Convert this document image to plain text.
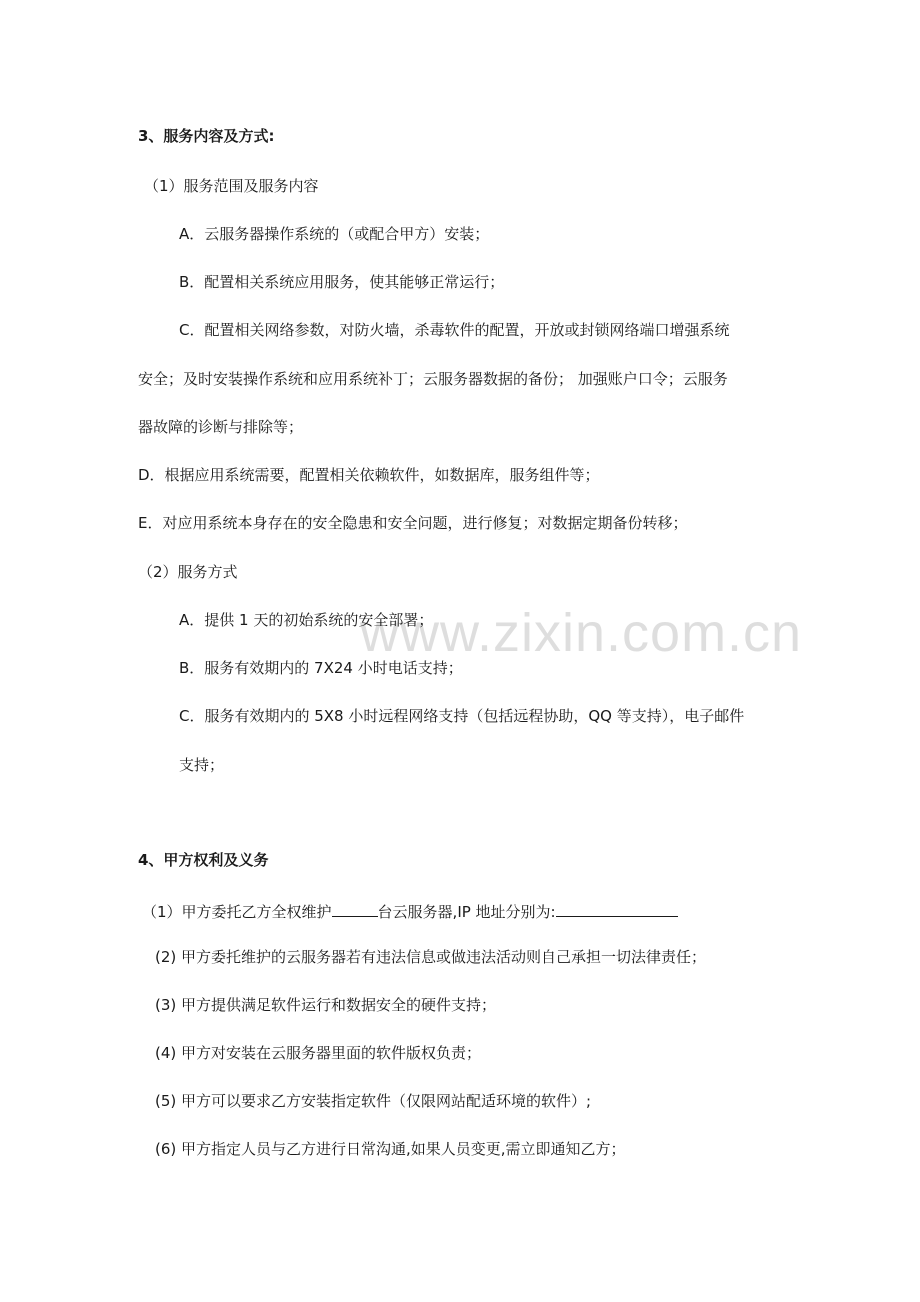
www.zixin.com.cn
3、服务内容及方式:
（1）服务范围及服务内容
A．云服务器操作系统的（或配合甲方）安装；
B．配置相关系统应用服务，使其能够正常运行；
C．配置相关网络参数，对防火墙，杀毒软件的配置，开放或封锁网络端口增强系统
安全；及时安装操作系统和应用系统补丁；云服务器数据的备份； 加强账户口令；云服务
器故障的诊断与排除等；
D．根据应用系统需要，配置相关依赖软件，如数据库，服务组件等；
E．对应用系统本身存在的安全隐患和安全问题，进行修复；对数据定期备份转移；
（2）服务方式
A．提供 1 天的初始系统的安全部署；
B．服务有效期内的 7X24 小时电话支持；
C．服务有效期内的 5X8 小时远程网络支持（包括远程协助，QQ 等支持），电子邮件
支持；
4、甲方权利及义务
（1）甲方委托乙方全权维护	台云服务器,IP 地址分别为:
(2) 甲方委托维护的云服务器若有违法信息或做违法活动则自己承担一切法律责任；
(3) 甲方提供满足软件运行和数据安全的硬件支持；
(4) 甲方对安装在云服务器里面的软件版权负责；
(5) 甲方可以要求乙方安装指定软件（仅限网站配适环境的软件）;
(6) 甲方指定人员与乙方进行日常沟通,如果人员变更,需立即通知乙方；
